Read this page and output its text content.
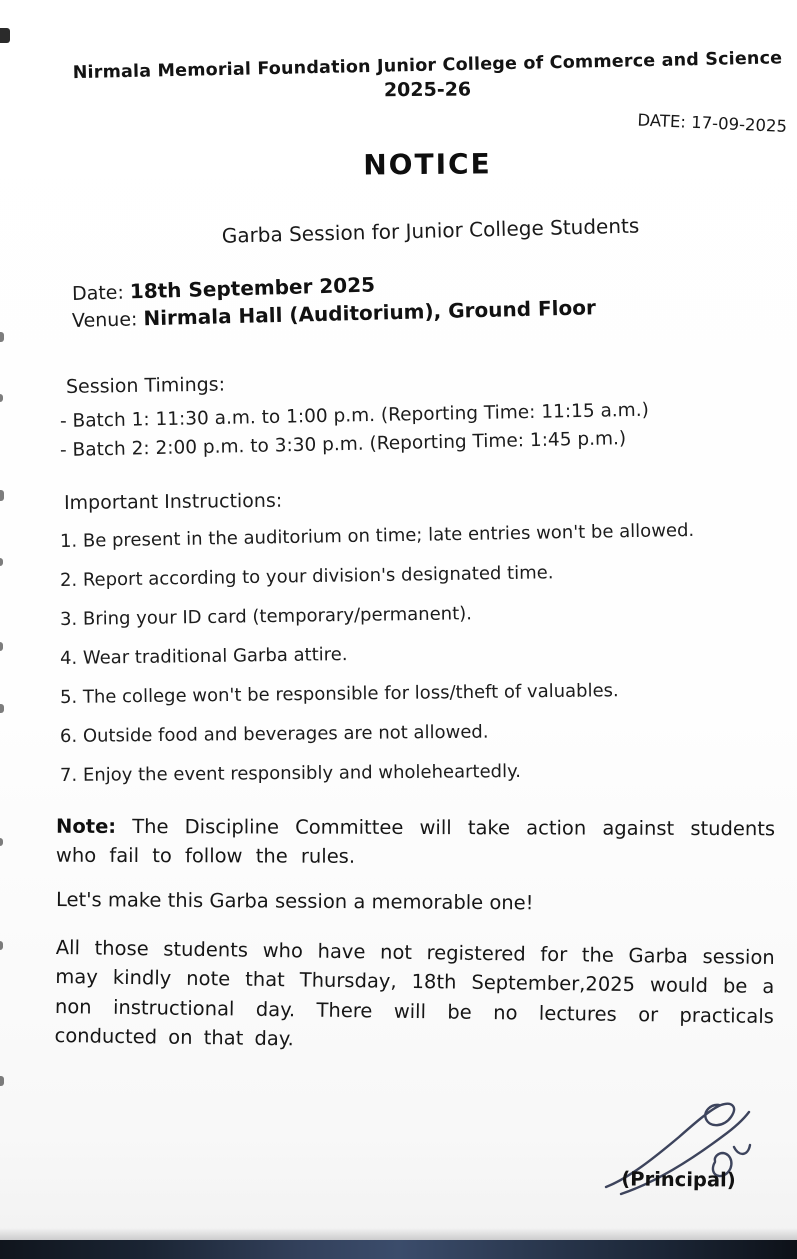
Nirmala Memorial Foundation Junior College of Commerce and Science
2025-26
DATE: 17-09-2025
NOTICE
Garba Session for Junior College Students
Date: 18th September 2025
Venue: Nirmala Hall (Auditorium), Ground Floor
Session Timings:
- Batch 1: 11:30 a.m. to 1:00 p.m. (Reporting Time: 11:15 a.m.)
- Batch 2: 2:00 p.m. to 3:30 p.m. (Reporting Time: 1:45 p.m.)
Important Instructions:
1. Be present in the auditorium on time; late entries won't be allowed.
2. Report according to your division's designated time.
3. Bring your ID card (temporary/permanent).
4. Wear traditional Garba attire.
5. The college won't be responsible for loss/theft of valuables.
6. Outside food and beverages are not allowed.
7. Enjoy the event responsibly and wholeheartedly.

Note: The Discipline Committee will take action against students who fail to follow the rules.

Let's make this Garba session a memorable one!

All those students who have not registered for the Garba session may kindly note that Thursday, 18th September,2025 would be a non instructional day. There will be no lectures or practicals conducted on that day.

(Principal)
